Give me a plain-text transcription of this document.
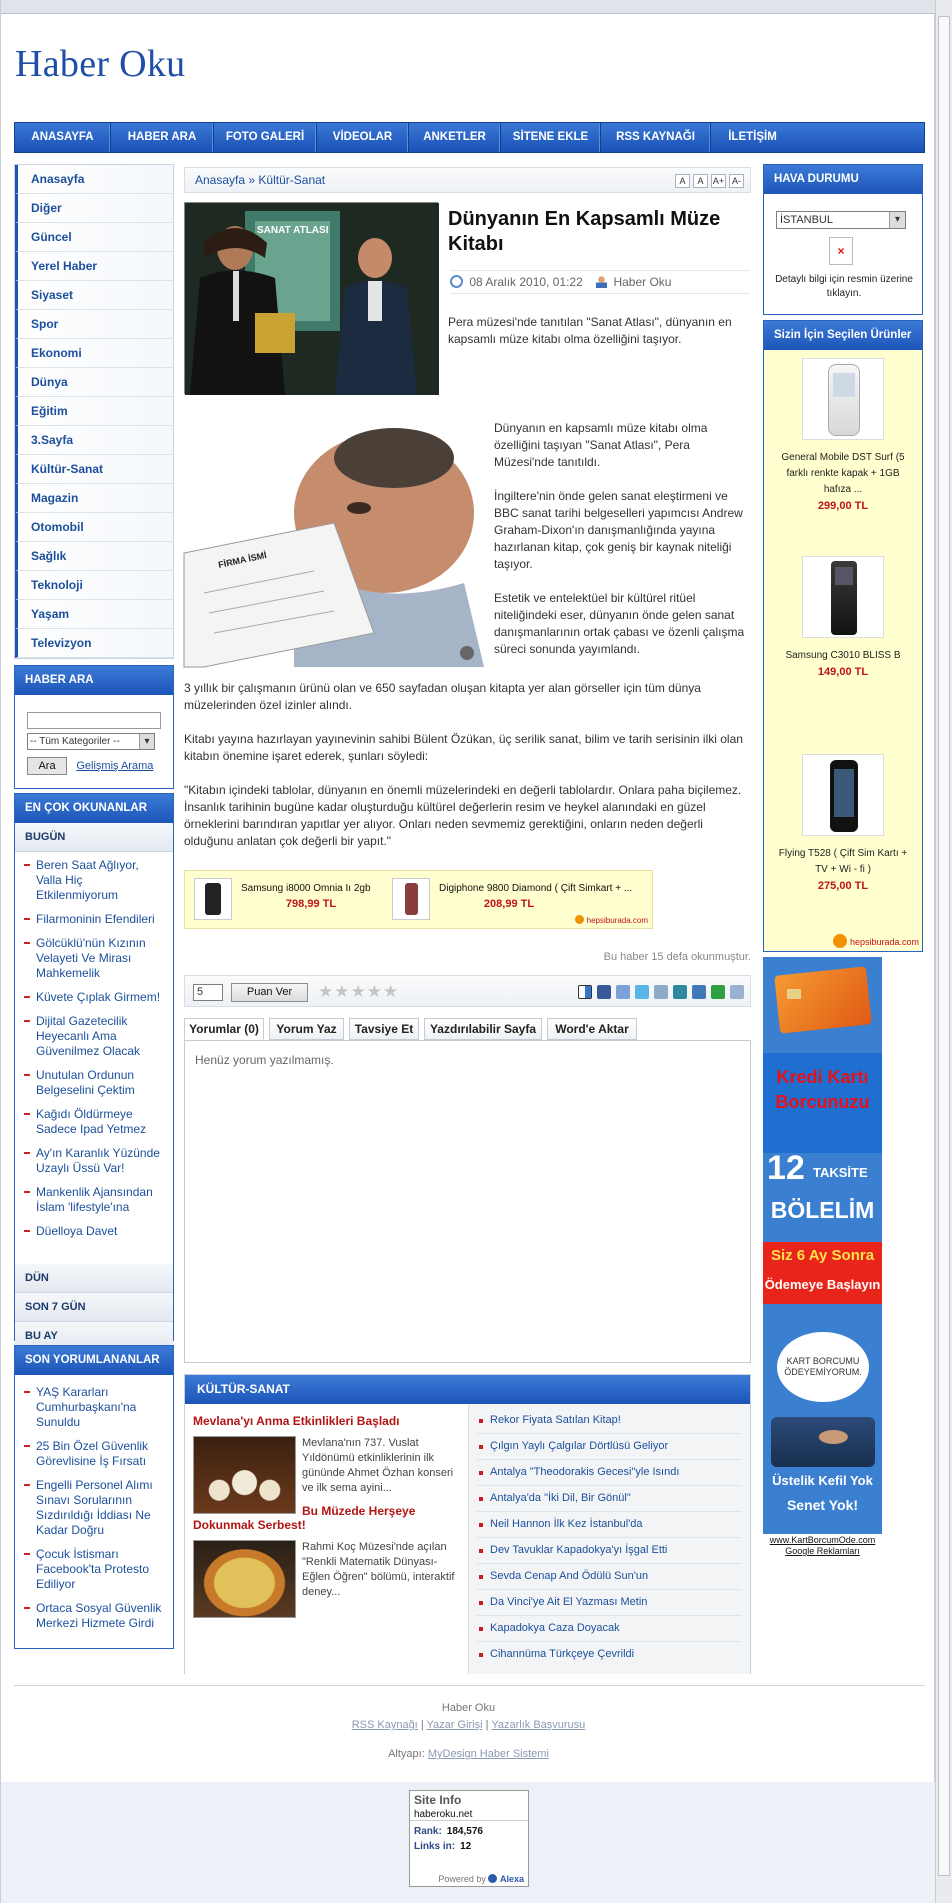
Haber Oku
ANASAYFA	HABER ARA	FOTO GALERİ	VİDEOLAR	ANKETLER	SİTENE EKLE	RSS KAYNAĞI	İLETİŞİM
Anasayfa
Diğer
Güncel
Yerel Haber
Siyaset
Spor
Ekonomi
Dünya
Eğitim
3.Sayfa
Kültür-Sanat
Magazin
Otomobil
Sağlık
Teknoloji
Yaşam
Televizyon
HABER ARA
-- Tüm Kategoriler -- ▾
Ara Gelişmiş Arama
EN ÇOK OKUNANLAR
BUGÜN
Beren Saat Ağlıyor, Valla Hiç Etkilenmiyorum
Filarmoninin Efendileri
Gölcüklü'nün Kızının Velayeti Ve Mirası Mahkemelik
Küvete Çıplak Girmem!
Dijital Gazetecilik Heyecanlı Ama Güvenilmez Olacak
Unutulan Ordunun Belgeselini Çektim
Kağıdı Öldürmeye Sadece Ipad Yetmez
Ay'ın Karanlık Yüzünde Uzaylı Üssü Var!
Mankenlik Ajansından İslam 'lifestyle'ına
Düelloya Davet
DÜN
SON 7 GÜN
BU AY
SON YORUMLANANLAR
YAŞ Kararları Cumhurbaşkanı'na Sunuldu
25 Bin Özel Güvenlik Görevlisine İş Fırsatı
Engelli Personel Alımı Sınavı Sorularının Sızdırıldığı İddiası Ne Kadar Doğru
Çocuk İstismarı Facebook'ta Protesto Ediliyor
Ortaca Sosyal Güvenlik Merkezi Hizmete Girdi
Anasayfa » Kültür-Sanat	A	A	A+ A-
SANAT ATLASI
Dünyanın En Kapsamlı Müze Kitabı
08 Aralık 2010, 01:22	Haber Oku
Pera müzesi'nde tanıtılan "Sanat Atlası", dünyanın en kapsamlı müze kitabı olma özelliğini taşıyor.
FİRMA İSMİ

Dünyanın en kapsamlı müze kitabı olma özelliğini taşıyan "Sanat Atlası", Pera Müzesi'nde tanıtıldı.

İngiltere'nin önde gelen sanat eleştirmeni ve BBC sanat tarihi belgeselleri yapımcısı Andrew Graham-Dixon'ın danışmanlığında yayına hazırlanan kitap, çok geniş bir kaynak niteliği taşıyor.

Estetik ve entelektüel bir kültürel ritüel niteliğindeki eser, dünyanın önde gelen sanat danışmanlarının ortak çabası ve özenli çalışma süreci sonunda yayımlandı.

3 yıllık bir çalışmanın ürünü olan ve 650 sayfadan oluşan kitapta yer alan görseller için tüm dünya müzelerinden özel izinler alındı.

Kitabı yayına hazırlayan yayınevinin sahibi Bülent Özükan, üç serilik sanat, bilim ve tarih serisinin ilki olan kitabın önemine işaret ederek, şunları söyledi:

"Kitabın içindeki tablolar, dünyanın en önemli müzelerindeki en değerli tablolardır. Onlara paha biçilemez. İnsanlık tarihinin bugüne kadar oluşturduğu kültürel değerlerin resim ve heykel alanındaki en güzel örneklerini barındıran yapıtlar yer alıyor. Onları neden sevmemiz gerektiğini, onların neden değerli olduğunu anlatan çok değerli bir yapıt."

Samsung i8000 Omnia Iı 2gb
798,99 TL
Digiphone 9800 Diamond ( Çift Simkart + ...
208,99 TL
hepsiburada.com
Bu haber 15 defa okunmuştur.
5	Puan Ver	★★★★★
Yorumlar (0)	Yorum Yaz	Tavsiye Et	Yazdırılabilir Sayfa	Word'e Aktar
Henüz yorum yazılmamış.
KÜLTÜR-SANAT
Mevlana'yı Anma Etkinlikleri Başladı
Mevlana'nın 737. Vuslat Yıldönümü etkinliklerinin ilk gününde Ahmet Özhan konseri ve ilk sema ayini...
Bu Müzede Herşeye Dokunmak Serbest!
Rahmi Koç Müzesi'nde açılan "Renkli Matematik Dünyası-Eğlen Öğren" bölümü, interaktif deney...
Rekor Fiyata Satılan Kitap!
Çılgın Yaylı Çalgılar Dörtlüsü Geliyor
Antalya "Theodorakis Gecesi"yle Isındı
Antalya'da "İki Dil, Bir Gönül"
Neil Hannon İlk Kez İstanbul'da
Dev Tavuklar Kapadokya'yı İşgal Etti
Sevda Cenap And Ödülü Sun'un
Da Vinci'ye Ait El Yazması Metin
Kapadokya Caza Doyacak
Cihannüma Türkçeye Çevrildi
HAVA DURUMU
İSTANBUL ▾
×
Detaylı bilgi için resmin üzerine tıklayın.
Sizin İçin Seçilen Ürünler
General Mobile DST Surf (5 farklı renkte kapak + 1GB hafıza ...
299,00 TL
Samsung C3010 BLISS B
149,00 TL
Flying T528 ( Çift Sim Kartı + TV + Wi - fi )
275,00 TL
hepsiburada.com
Kredi Kartı
Borcunuzu
12 TAKSİTE
BÖLELİM
Siz 6 Ay Sonra
Ödemeye Başlayın
KART BORCUMU ÖDEYEMİYORUM.
Üstelik Kefil Yok
Senet Yok!
www.KartBorcumOde.com
Google Reklamları
Haber Oku
RSS Kaynağı | Yazar Girişi | Yazarlık Başvurusu
Altyapı: MyDesign Haber Sistemi
Site Info
haberoku.net
Rank: 184,576
Links in: 12
Powered by Alexa
